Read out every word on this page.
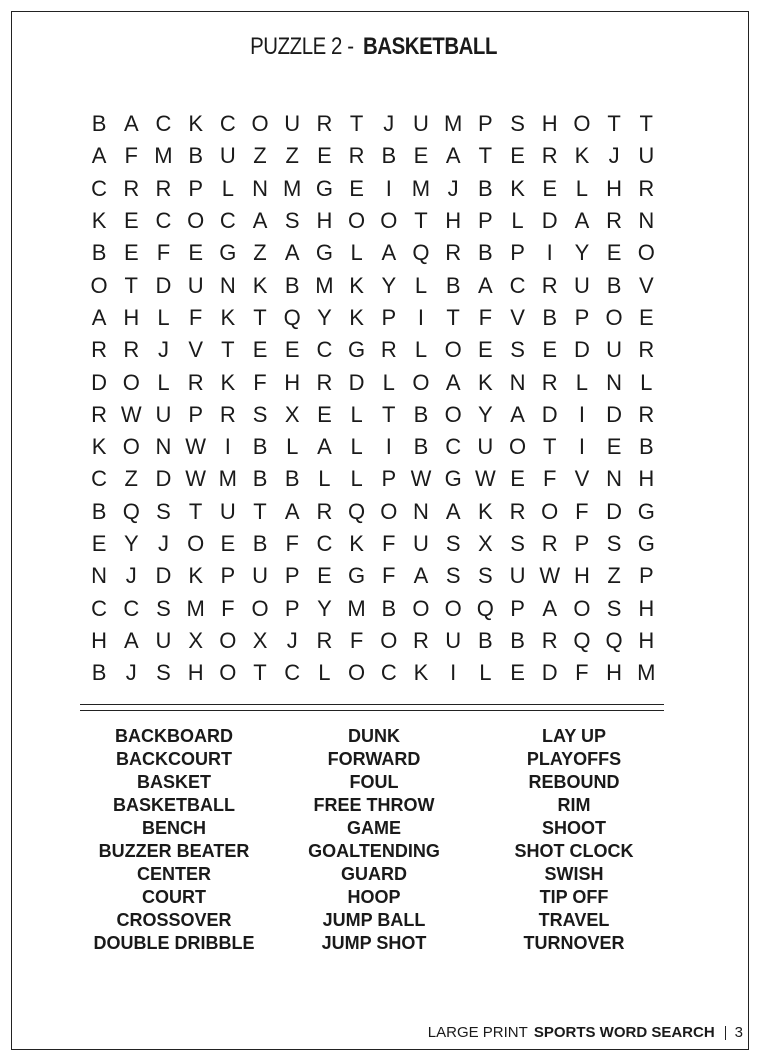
PUZZLE 2 -BASKETBALL
B A C K C O U R T J U M P S H O T T
A F M B U Z Z E R B E A T E R K J U
C R R P L N M G E I M J B K E L H R
K E C O C A S H O O T H P L D A R N
B E F E G Z A G L A Q R B P I Y E O
O T D U N K B M K Y L B A C R U B V
A H L F K T Q Y K P I	T F V B P O E
R R J V T E E C G R L O E S E D U R
D O L R K F H R D L O A K N R L N L
R W U P R S X E L T B O Y A D I D R
K O N W I B L A L	I B C U O T	I E B
C Z D W M B B L L P W G W E F V N H
B Q S T U T A R Q O N A K R O F D G
E Y J O E B F C K F U S X S R P S G
N J D K P U P E G F A S S U W H Z P
C C S M F O P Y M B O O Q P A O S H
H A U X O X J R F O R U B B R Q Q H
B J S H O T C L O C K I	L E D F H M
BACKBOARD
BACKCOURT
BASKET
BASKETBALL
BENCH
BUZZER BEATER
CENTER
COURT
CROSSOVER
DOUBLE DRIBBLE
DUNK
FORWARD
FOUL
FREE THROW
GAME
GOALTENDING
GUARD
HOOP
JUMP BALL
JUMP SHOT
LAY UP
PLAYOFFS
REBOUND
RIM
SHOOT
SHOT CLOCK
SWISH
TIP OFF
TRAVEL
TURNOVER
LARGE PRINT SPORTS WORD SEARCH 3
